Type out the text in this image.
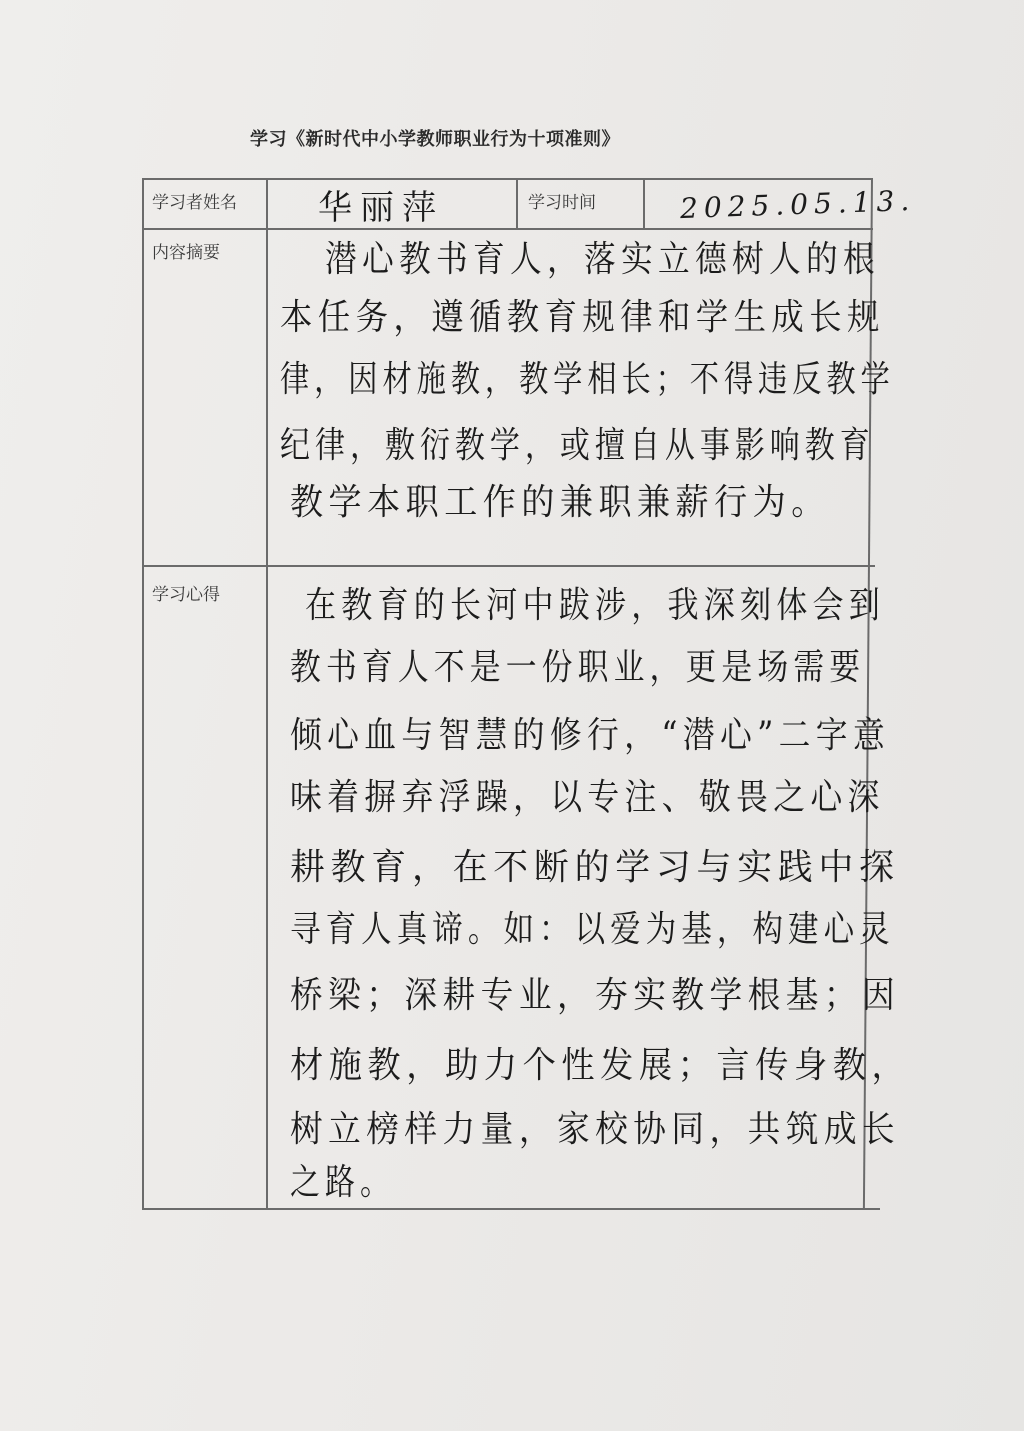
学习《新时代中小学教师职业行为十项准则》
学习者姓名 华丽萍	学习时间	2025.05.13.
内容摘要	潜心教书育人，落实立德树人的根
本任务，遵循教育规律和学生成长规
律，因材施教，教学相长；不得违反教学
纪律，敷衍教学，或擅自从事影响教育
教学本职工作的兼职兼薪行为。
学习心得 在教育的长河中跋涉，我深刻体会到
教书育人不是一份职业，更是场需要
倾心血与智慧的修行，“潜心”二字意
味着摒弃浮躁，以专注、敬畏之心深
耕教育，在不断的学习与实践中探
寻育人真谛。如：以爱为基，构建心灵
桥梁；深耕专业，夯实教学根基；因
材施教，助力个性发展；言传身教，
树立榜样力量，家校协同，共筑成长
之路。
